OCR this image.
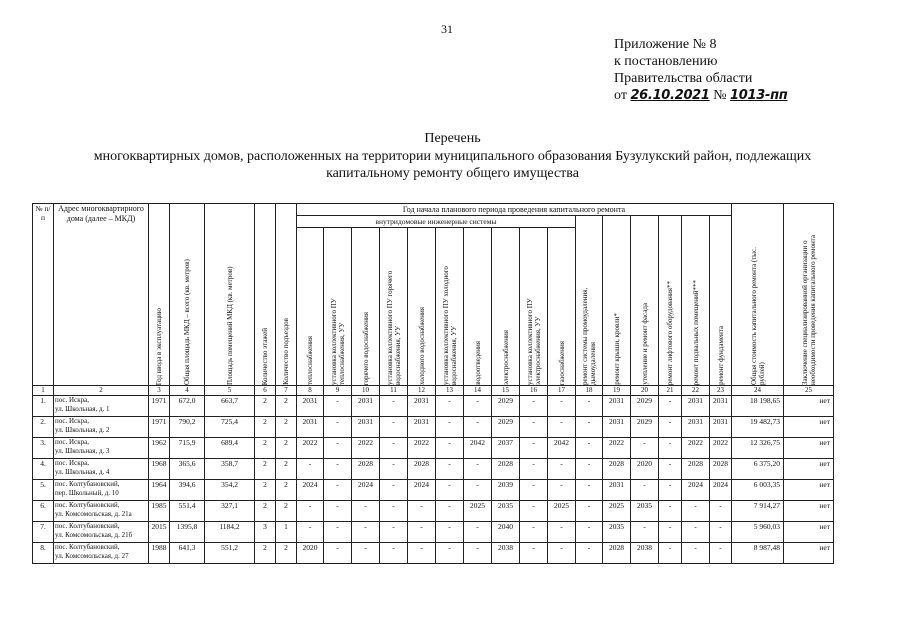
31
Приложение № 8
к постановлению
Правительства области
от 26.10.2021 № 1013-пп
Перечень
многоквартирных домов, расположенных на территории муниципального образования Бузулукский район, подлежащих
капитальному ремонту общего имущества
№ п/п	Адрес многоквартирного дома (далее – МКД)	Год ввода в эксплуатацию	Общая площадь МКД – всего (кв. метров)	Площадь помещений МКД (кв. метров)	Количество этажей	Количество подъездов	Год начала планового периода проведения капитального ремонта																Общая стоимость капитального ремонта (тыс. рублей)	Заключение специализированной организации о необходимости проведения капитального ремонта

							внутридомовые инженерные системы										ремонт системы промоудаления, дымоудаления	ремонт крыши, кровли*	утепление и ремонт фасада	ремонт лифтового оборудования**	ремонт подвальных помещений***	ремонт фундамента		

							теплоснабжения	установка коллективного ПУ теплоснабжения, УУ	горячего водоснабжения	установка коллективного ПУ горячего водоснабжения, УУ	холодного водоснабжения	установка коллективного ПУ холодного водоснабжения, УУ	водоотведения	электроснабжения	установка коллективного ПУ электроснабжения, УУ	газоснабжения								

1	2	3	4	5	6	7	8	9	10	11	12	13	14	15	16	17	18	19	20	21	22	23	24	25
1.	пос. Искра,
ул. Школьная, д. 1	1971	672,0	663,7	2	2	2031	-	2031	-	2031	-	-	2029	-	-	-	2031	2029	-	2031	2031	18 198,65	нет
2.	пос. Искра,
ул. Школьная, д. 2	1971	790,2	725,4	2	2	2031	-	2031	-	2031	-	-	2029	-	-	-	2031	2029	-	2031	2031	19 482,73	нет
3.	пос. Искра,
ул. Школьная, д. 3	1962	715,9	689,4	2	2	2022	-	2022	-	2022	-	2042	2037	-	2042	-	2022	-	-	2022	2022	12 326,75	нет
4.	пос. Искра,
ул. Школьная, д. 4	1968	365,6	358,7	2	2	-	-	2028	-	2028	-	-	2028	-	-	-	2028	2020	-	2028	2028	6 375,20	нет
5.	пос. Колтубановский,
пер. Школьный, д. 10	1964	394,6	354,2	2	2	2024	-	2024	-	2024	-	-	2039	-	-	-	2031	-	-	2024	2024	6 003,35	нет
6.	пос. Колтубановский,
ул. Комсомольская, д. 21а	1985	551,4	327,1	2	2	-	-	-	-	-	-	2025	2035	-	2025	-	2025	2035	-	-	-	7 914,27	нет
7.	пос. Колтубановский,
ул. Комсомольская, д. 21б	2015	1395,8	1184,2	3	1	-	-	-	-	-	-	-	2040	-	-	-	2035	-	-	-	-	5 960,03	нет
8.	пос. Колтубановский,
ул. Комсомольская, д. 27	1988	641,3	551,2	2	2	2020	-	-	-	-	-	-	2038	-	-	-	2028	2038	-	-	-	8 987,48	нет
